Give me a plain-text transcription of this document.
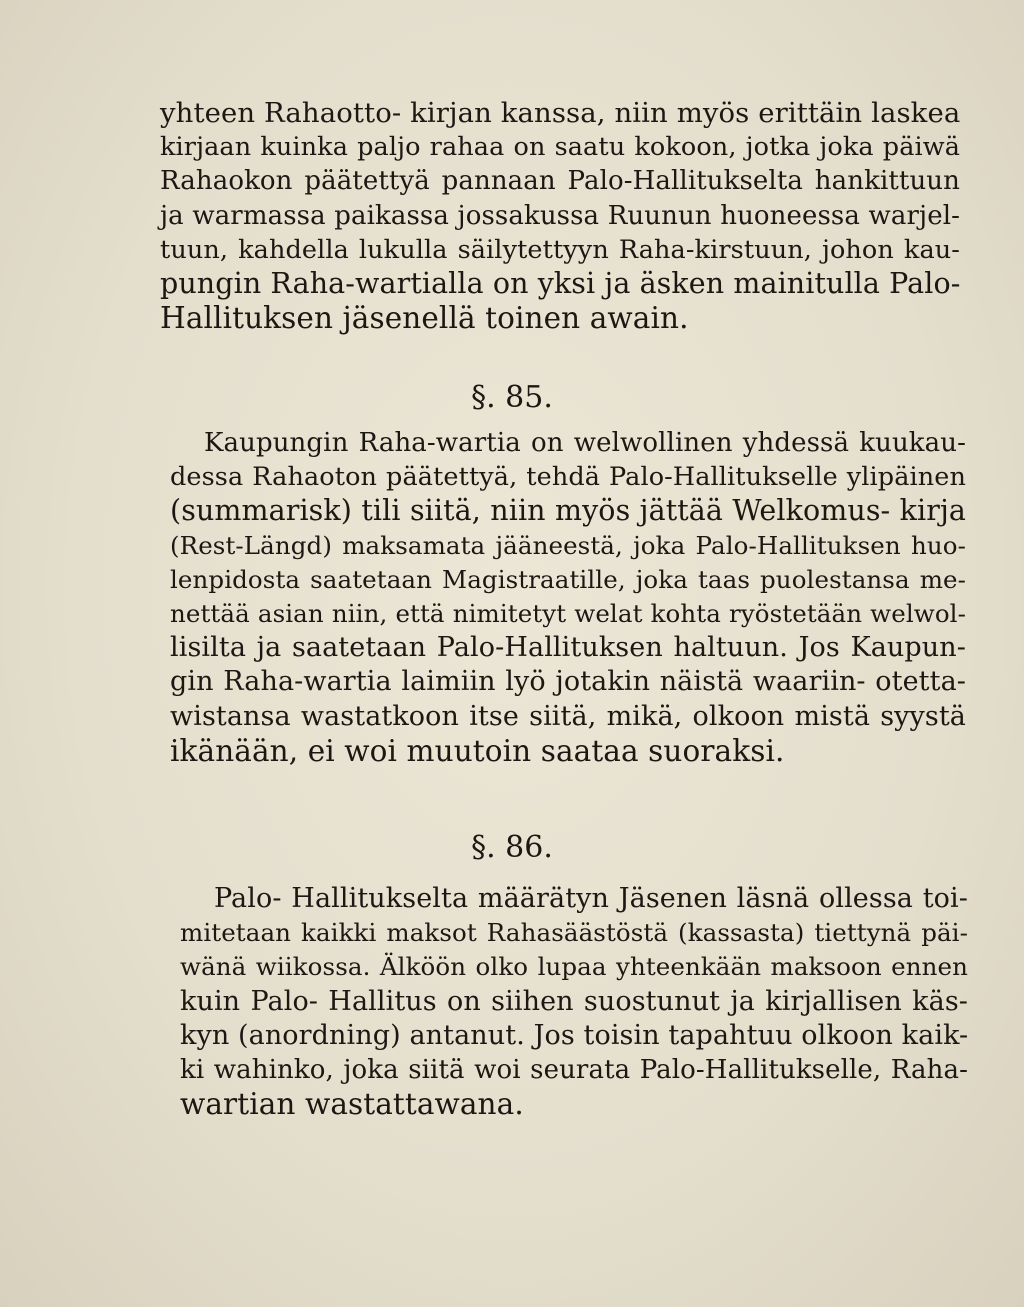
yhteen Rahaotto- kirjan kanssa, niin myös erittäin laskea
kirjaan kuinka paljo rahaa on saatu kokoon, jotka joka päiwä
Rahaokon päätettyä pannaan Palo-Hallitukselta hankittuun
ja warmassa paikassa jossakussa Ruunun huoneessa warjel-
tuun, kahdella lukulla säilytettyyn Raha-kirstuun, johon kau-
pungin Raha-wartialla on yksi ja äsken mainitulla Palo-
Hallituksen jäsenellä toinen awain.
§. 85.
Kaupungin Raha-wartia on welwollinen yhdessä kuukau-
dessa Rahaoton päätettyä, tehdä Palo-Hallitukselle ylipäinen
(summarisk) tili siitä, niin myös jättää Welkomus- kirja
(Rest-Längd) maksamata jääneestä, joka Palo-Hallituksen huo-
lenpidosta saatetaan Magistraatille, joka taas puolestansa me-
nettää asian niin, että nimitetyt welat kohta ryöstetään welwol-
lisilta ja saatetaan Palo-Hallituksen haltuun. Jos Kaupun-
gin Raha-wartia laimiin lyö jotakin näistä waariin- otetta-
wistansa wastatkoon itse siitä, mikä, olkoon mistä syystä
ikänään, ei woi muutoin saataa suoraksi.
§. 86.
Palo- Hallitukselta määrätyn Jäsenen läsnä ollessa toi-
mitetaan kaikki maksot Rahasäästöstä (kassasta) tiettynä päi-
wänä wiikossa. Älköön olko lupaa yhteenkään maksoon ennen
kuin Palo- Hallitus on siihen suostunut ja kirjallisen käs-
kyn (anordning) antanut. Jos toisin tapahtuu olkoon kaik-
ki wahinko, joka siitä woi seurata Palo-Hallitukselle, Raha-
wartian wastattawana.
